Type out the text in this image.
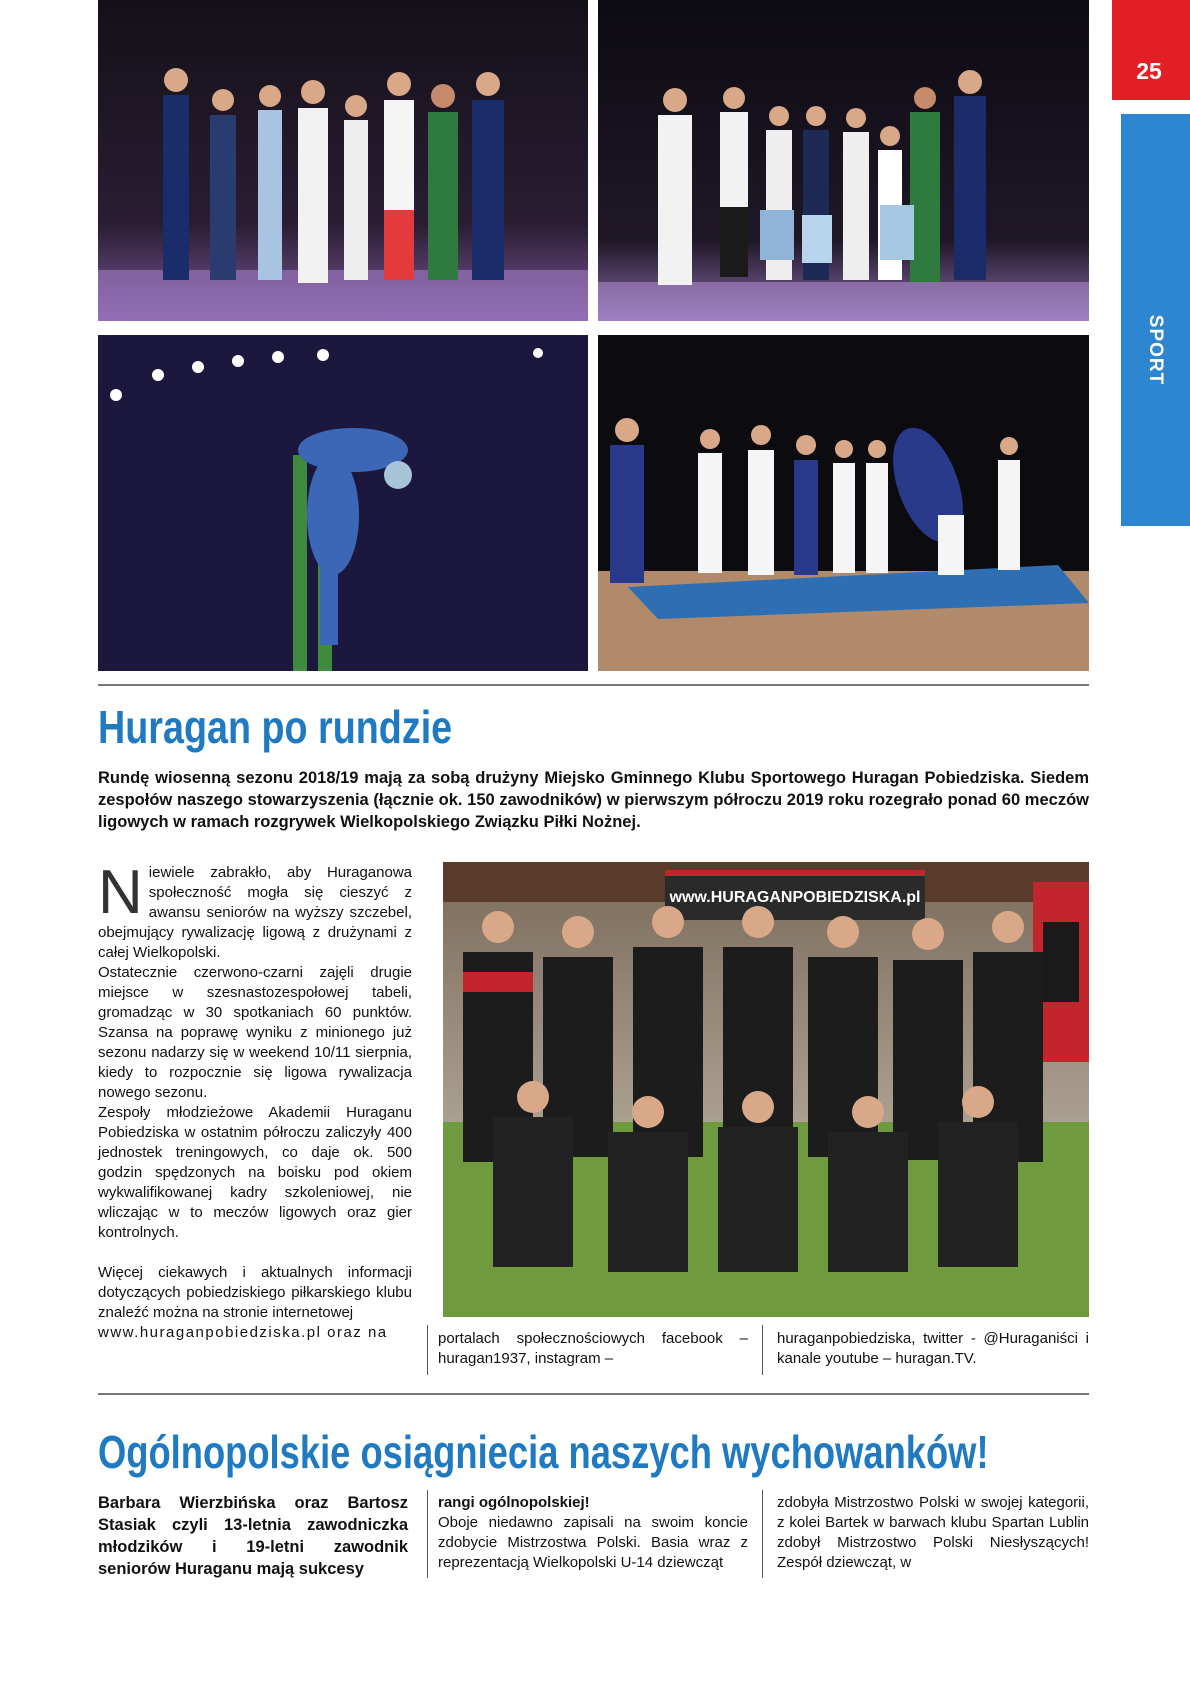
25
SPORT
Huragan po rundzie
Rundę wiosenną sezonu 2018/19 mają za sobą drużyny Miejsko Gminnego Klubu Sportowego Huragan Pobiedziska. Siedem zespołów naszego stowarzyszenia (łącznie ok. 150 zawodników) w pierwszym półroczu 2019 roku rozegrało ponad 60 meczów ligowych w ramach rozgrywek Wielkopolskiego Związku Piłki Nożnej.

Niewiele zabrakło, aby Huraganowa społeczność mogła się cieszyć z awansu seniorów na wyższy szczebel, obejmujący rywalizację ligową z drużynami z całej Wielkopolski.

Ostatecznie czerwono-czarni zajęli drugie miejsce w szesnastozespołowej tabeli, gromadząc w 30 spotkaniach 60 punktów. Szansa na poprawę wyniku z minionego już sezonu nadarzy się w weekend 10/11 sierpnia, kiedy to rozpocznie się ligowa rywalizacja nowego sezonu.

Zespoły młodzieżowe Akademii Huraganu Pobiedziska w ostatnim półroczu zaliczyły 400 jednostek treningowych, co daje ok. 500 godzin spędzonych na boisku pod okiem wykwalifikowanej kadry szkoleniowej, nie wliczając w to meczów ligowych oraz gier kontrolnych.

Więcej ciekawych i aktualnych informacji dotyczących pobiedziskiego piłkarskiego klubu znaleźć można na stronie internetowej

www.huraganpobiedziska.pl oraz na

www.HURAGANPOBIEDZISKA.pl
portalach społecznościowych facebook – huragan1937, instagram –
huraganpobiedziska, twitter - @Huraganiści i kanale youtube – huragan.TV.
Ogólnopolskie osiągniecia naszych wychowanków!
Barbara Wierzbińska oraz Bartosz Stasiak czyli 13-letnia zawodniczka młodzików i 19-letni zawodnik seniorów Huraganu mają sukcesy
rangi ogólnopolskiej!
Oboje niedawno zapisali na swoim koncie zdobycie Mistrzostwa Polski. Basia wraz z reprezentacją Wielkopolski U-14 dziewcząt
zdobyła Mistrzostwo Polski w swojej kategorii, z kolei Bartek w barwach klubu Spartan Lublin zdobył Mistrzostwo Polski Niesłyszących! Zespół dziewcząt, w
